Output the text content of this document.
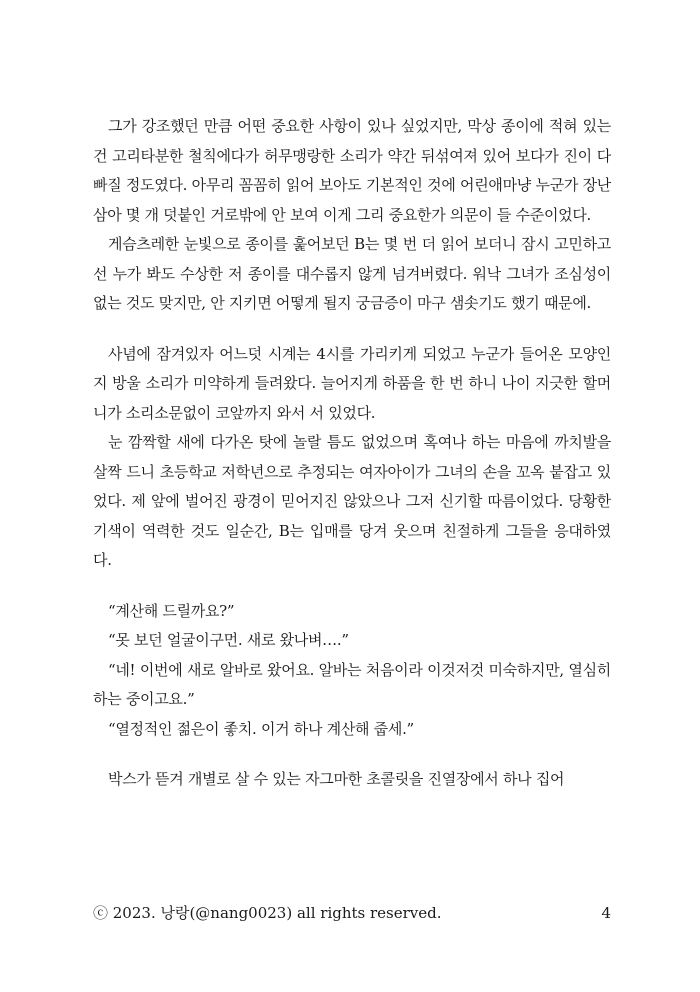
그가 강조했던 만큼 어떤 중요한 사항이 있나 싶었지만, 막상 종이에 적혀 있는 건 고리타분한 철칙에다가 허무맹랑한 소리가 약간 뒤섞여져 있어 보다가 진이 다 빠질 정도였다. 아무리 꼼꼼히 읽어 보아도 기본적인 것에 어린애마냥 누군가 장난삼아 몇 개 덧붙인 거로밖에 안 보여 이게 그리 중요한가 의문이 들 수준이었다.

게슴츠레한 눈빛으로 종이를 훑어보던 B는 몇 번 더 읽어 보더니 잠시 고민하고선 누가 봐도 수상한 저 종이를 대수롭지 않게 넘겨버렸다. 워낙 그녀가 조심성이 없는 것도 맞지만, 안 지키면 어떻게 될지 궁금증이 마구 샘솟기도 했기 때문에.

사념에 잠겨있자 어느덧 시계는 4시를 가리키게 되었고 누군가 들어온 모양인지 방울 소리가 미약하게 들려왔다. 늘어지게 하품을 한 번 하니 나이 지긋한 할머니가 소리소문없이 코앞까지 와서 서 있었다.

눈 깜짝할 새에 다가온 탓에 놀랄 틈도 없었으며 혹여나 하는 마음에 까치발을 살짝 드니 초등학교 저학년으로 추정되는 여자아이가 그녀의 손을 꼬옥 붙잡고 있었다. 제 앞에 벌어진 광경이 믿어지진 않았으나 그저 신기할 따름이었다. 당황한 기색이 역력한 것도 일순간, B는 입매를 당겨 웃으며 친절하게 그들을 응대하였다.

“계산해 드릴까요?”

“못 보던 얼굴이구먼. 새로 왔나벼….”

“네! 이번에 새로 알바로 왔어요. 알바는 처음이라 이것저것 미숙하지만, 열심히 하는 중이고요.”

“열정적인 젊은이 좋치. 이거 하나 계산해 줍세.”

박스가 뜯겨 개별로 살 수 있는 자그마한 초콜릿을 진열장에서 하나 집어

ⓒ 2023. 낭랑(@nang0023) all rights reserved.	4
